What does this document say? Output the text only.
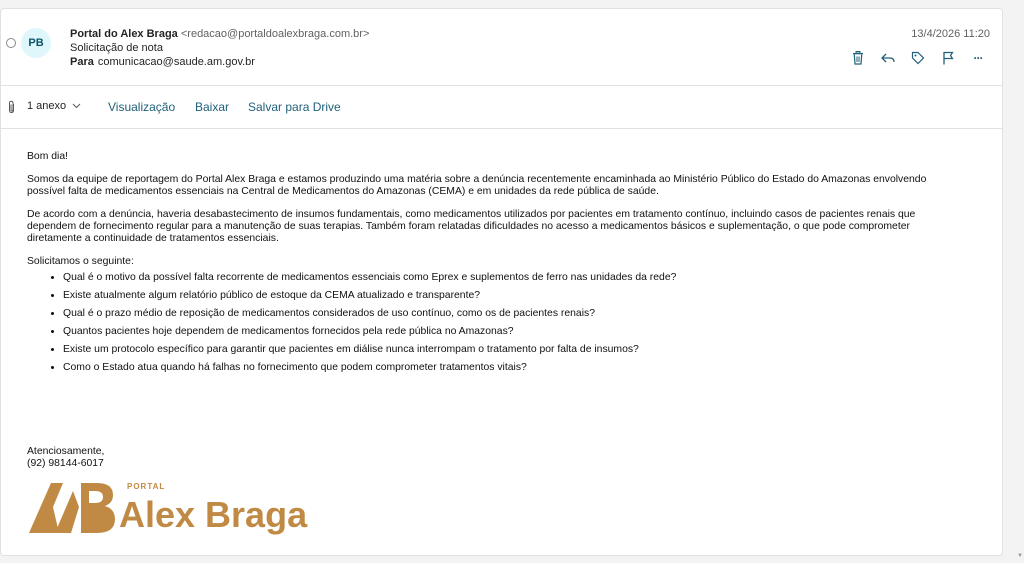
PB
Portal do Alex Braga <redacao@portaldoalexbraga.com.br>
Solicitação de nota
Para comunicacao@saude.am.gov.br
13/4/2026 11:20
···
1 anexo	Visualização Baixar Salvar para Drive

Bom dia!

Somos da equipe de reportagem do Portal Alex Braga e estamos produzindo uma matéria sobre a denúncia recentemente encaminhada ao Ministério Público do Estado do Amazonas envolvendo possível falta de medicamentos essenciais na Central de Medicamentos do Amazonas (CEMA) e em unidades da rede pública de saúde.

De acordo com a denúncia, haveria desabastecimento de insumos fundamentais, como medicamentos utilizados por pacientes em tratamento contínuo, incluindo casos de pacientes renais que dependem de fornecimento regular para a manutenção de suas terapias. Também foram relatadas dificuldades no acesso a medicamentos básicos e suplementação, o que pode comprometer diretamente a continuidade de tratamentos essenciais.

Solicitamos o seguinte:

• Qual é o motivo da possível falta recorrente de medicamentos essenciais como Eprex e suplementos de ferro nas unidades da rede?
• Existe atualmente algum relatório público de estoque da CEMA atualizado e transparente?
• Qual é o prazo médio de reposição de medicamentos considerados de uso contínuo, como os de pacientes renais?
• Quantos pacientes hoje dependem de medicamentos fornecidos pela rede pública no Amazonas?
• Existe um protocolo específico para garantir que pacientes em diálise nunca interrompam o tratamento por falta de insumos?
• Como o Estado atua quando há falhas no fornecimento que podem comprometer tratamentos vitais?
Atenciosamente,
(92) 98144-6017
PORTAL
Alex Braga
▼
